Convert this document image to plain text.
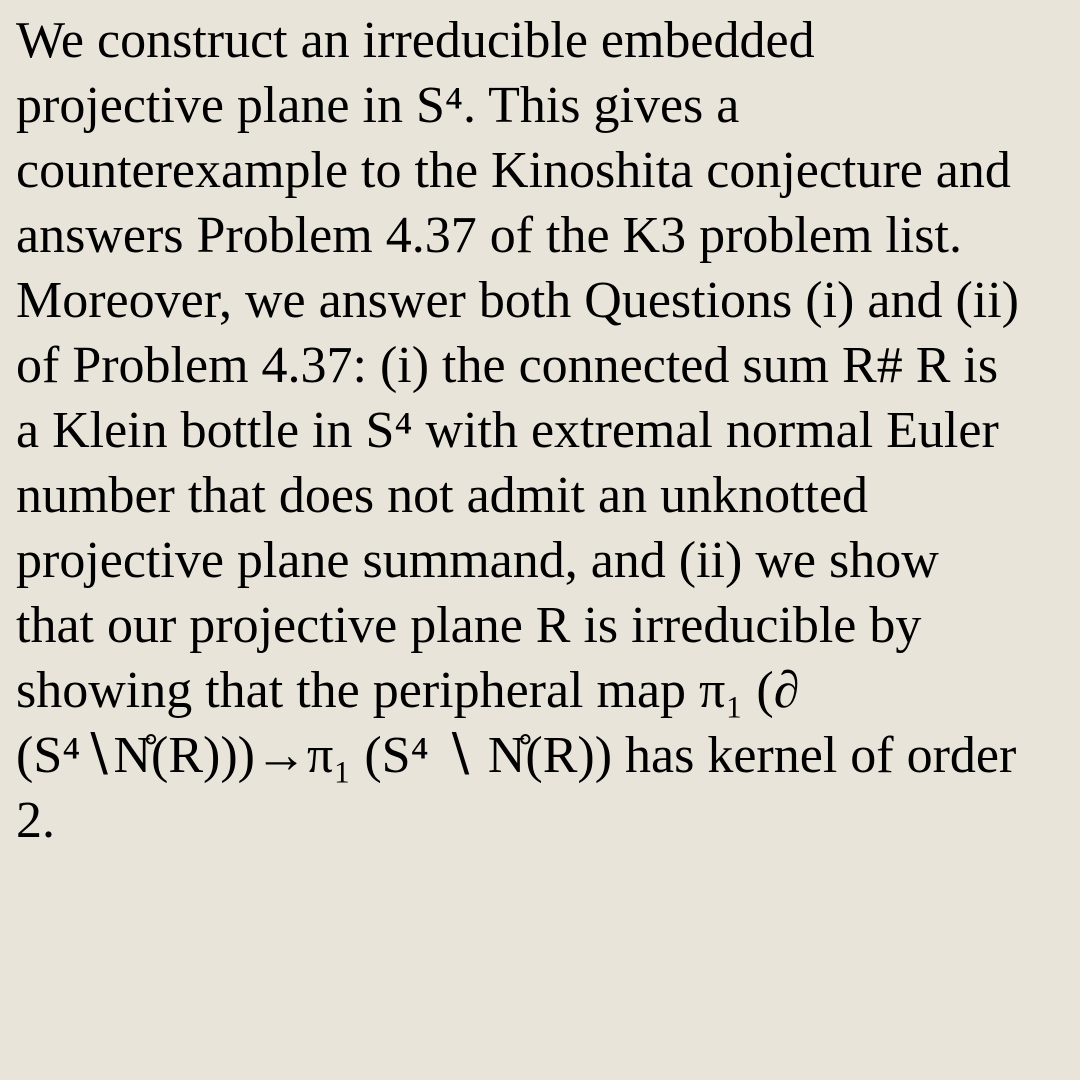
We construct an irreducible embedded
projective plane in S⁴. This gives a
counterexample to the Kinoshita conjecture and
answers Problem 4.37 of the K3 problem list.
Moreover, we answer both Questions (i) and (ii)
of Problem 4.37: (i) the connected sum R# R is
a Klein bottle in S⁴ with extremal normal Euler
number that does not admit an unknotted
projective plane summand, and (ii) we show
that our projective plane R is irreducible by
showing that the peripheral map π₁ (∂
(S⁴∖N̊(R)))→π₁ (S⁴ ∖ N̊(R)) has kernel of order
2.
